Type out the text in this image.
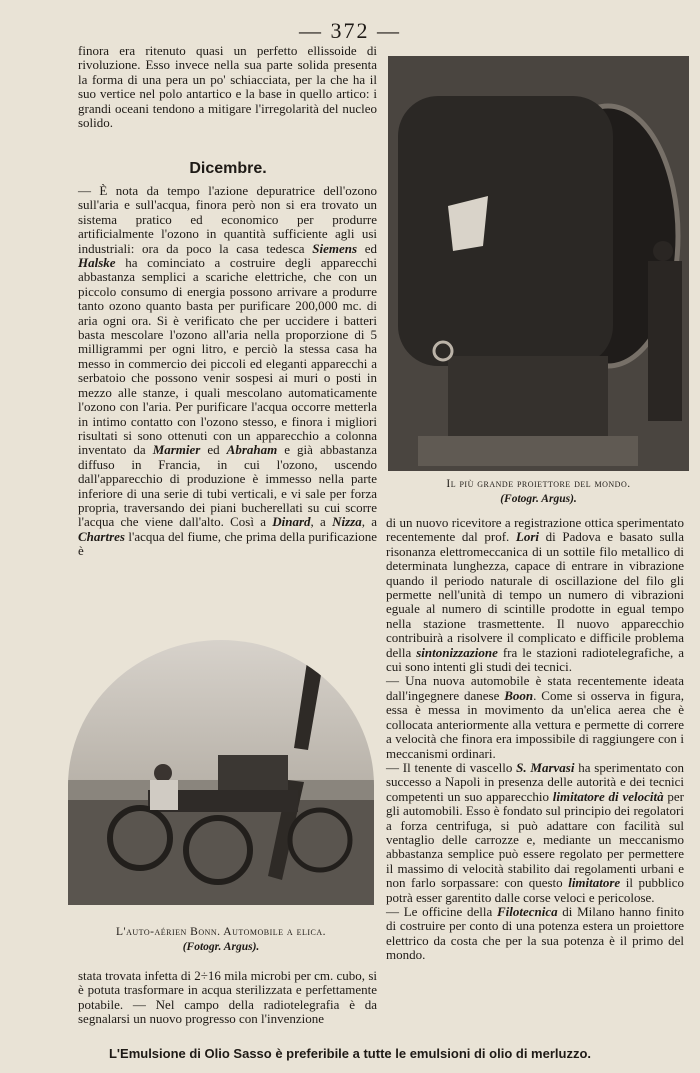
— 372 —

finora era ritenuto quasi un perfetto ellissoide di rivoluzione. Esso invece nella sua parte solida presenta la forma di una pera un po' schiacciata, per la che ha il suo vertice nel polo antartico e la base in quello artico: i grandi oceani tendono a mitigare l'irregolarità del nucleo solido.

Dicembre.

— È nota da tempo l'azione depuratrice dell'ozono sull'aria e sull'acqua, finora però non si era trovato un sistema pratico ed economico per produrre artificialmente l'ozono in quantità sufficiente agli usi industriali: ora da poco la casa tedesca Siemens ed Halske ha cominciato a costruire degli apparecchi abbastanza semplici a scariche elettriche, che con un piccolo consumo di energia possono arrivare a produrre tanto ozono quanto basta per purificare 200,000 mc. di aria ogni ora. Si è verificato che per uccidere i batteri basta mescolare l'ozono all'aria nella proporzione di 5 milligrammi per ogni litro, e perciò la stessa casa ha messo in commercio dei piccoli ed eleganti apparecchi a serbatoio che possono venir sospesi ai muri o posti in mezzo alle stanze, i quali mescolano automaticamente l'ozono con l'aria. Per purificare l'acqua occorre metterla in intimo contatto con l'ozono stesso, e finora i migliori risultati si sono ottenuti con un apparecchio a colonna inventato da Marmier ed Abraham e già abbastanza diffuso in Francia, in cui l'ozono, uscendo dall'apparecchio di produzione è immesso nella parte inferiore di una serie di tubi verticali, e vi sale per forza propria, traversando dei piani bucherellati su cui scorre l'acqua che viene dall'alto. Così a Dinard, a Nizza, a Chartres l'acqua del fiume, che prima della purificazione è

L'auto-aérien Bonn. Automobile a elica.
(Fotogr. Argus).

stata trovata infetta di 2÷16 mila microbi per cm. cubo, si è potuta trasformare in acqua sterilizzata e perfettamente potabile. — Nel campo della radiotelegrafia è da segnalarsi un nuovo progresso con l'invenzione

Il più grande proiettore del mondo.
(Fotogr. Argus).

di un nuovo ricevitore a registrazione ottica sperimentato recentemente dal prof. Lori di Padova e basato sulla risonanza elettromeccanica di un sottile filo metallico di determinata lunghezza, capace di entrare in vibrazione quando il periodo naturale di oscillazione del filo gli permette nell'unità di tempo un numero di vibrazioni eguale al numero di scintille prodotte in egual tempo nella stazione trasmettente. Il nuovo apparecchio contribuirà a risolvere il complicato e difficile problema della sintonizzazione fra le stazioni radiotelegrafiche, a cui sono intenti gli studi dei tecnici.

— Una nuova automobile è stata recentemente ideata dall'ingegnere danese Boon. Come si osserva in figura, essa è messa in movimento da un'elica aerea che è collocata anteriormente alla vettura e permette di correre a velocità che finora era impossibile di raggiungere con i meccanismi ordinari.

— Il tenente di vascello S. Marvasi ha sperimentato con successo a Napoli in presenza delle autorità e dei tecnici competenti un suo apparecchio limitatore di velocità per gli automobili. Esso è fondato sul principio dei regolatori a forza centrifuga, si può adattare con facilità sul ventaglio delle carrozze e, mediante un meccanismo abbastanza semplice può essere regolato per permettere il massimo di velocità stabilito dai regolamenti urbani e non farlo sorpassare: con questo limitatore il pubblico potrà esser garentito dalle corse veloci e pericolose.

— Le officine della Filotecnica di Milano hanno finito di costruire per conto di una potenza estera un proiettore elettrico da costa che per la sua potenza è il primo del mondo.

L'Emulsione di Olio Sasso è preferibile a tutte le emulsioni di olio di merluzzo.
